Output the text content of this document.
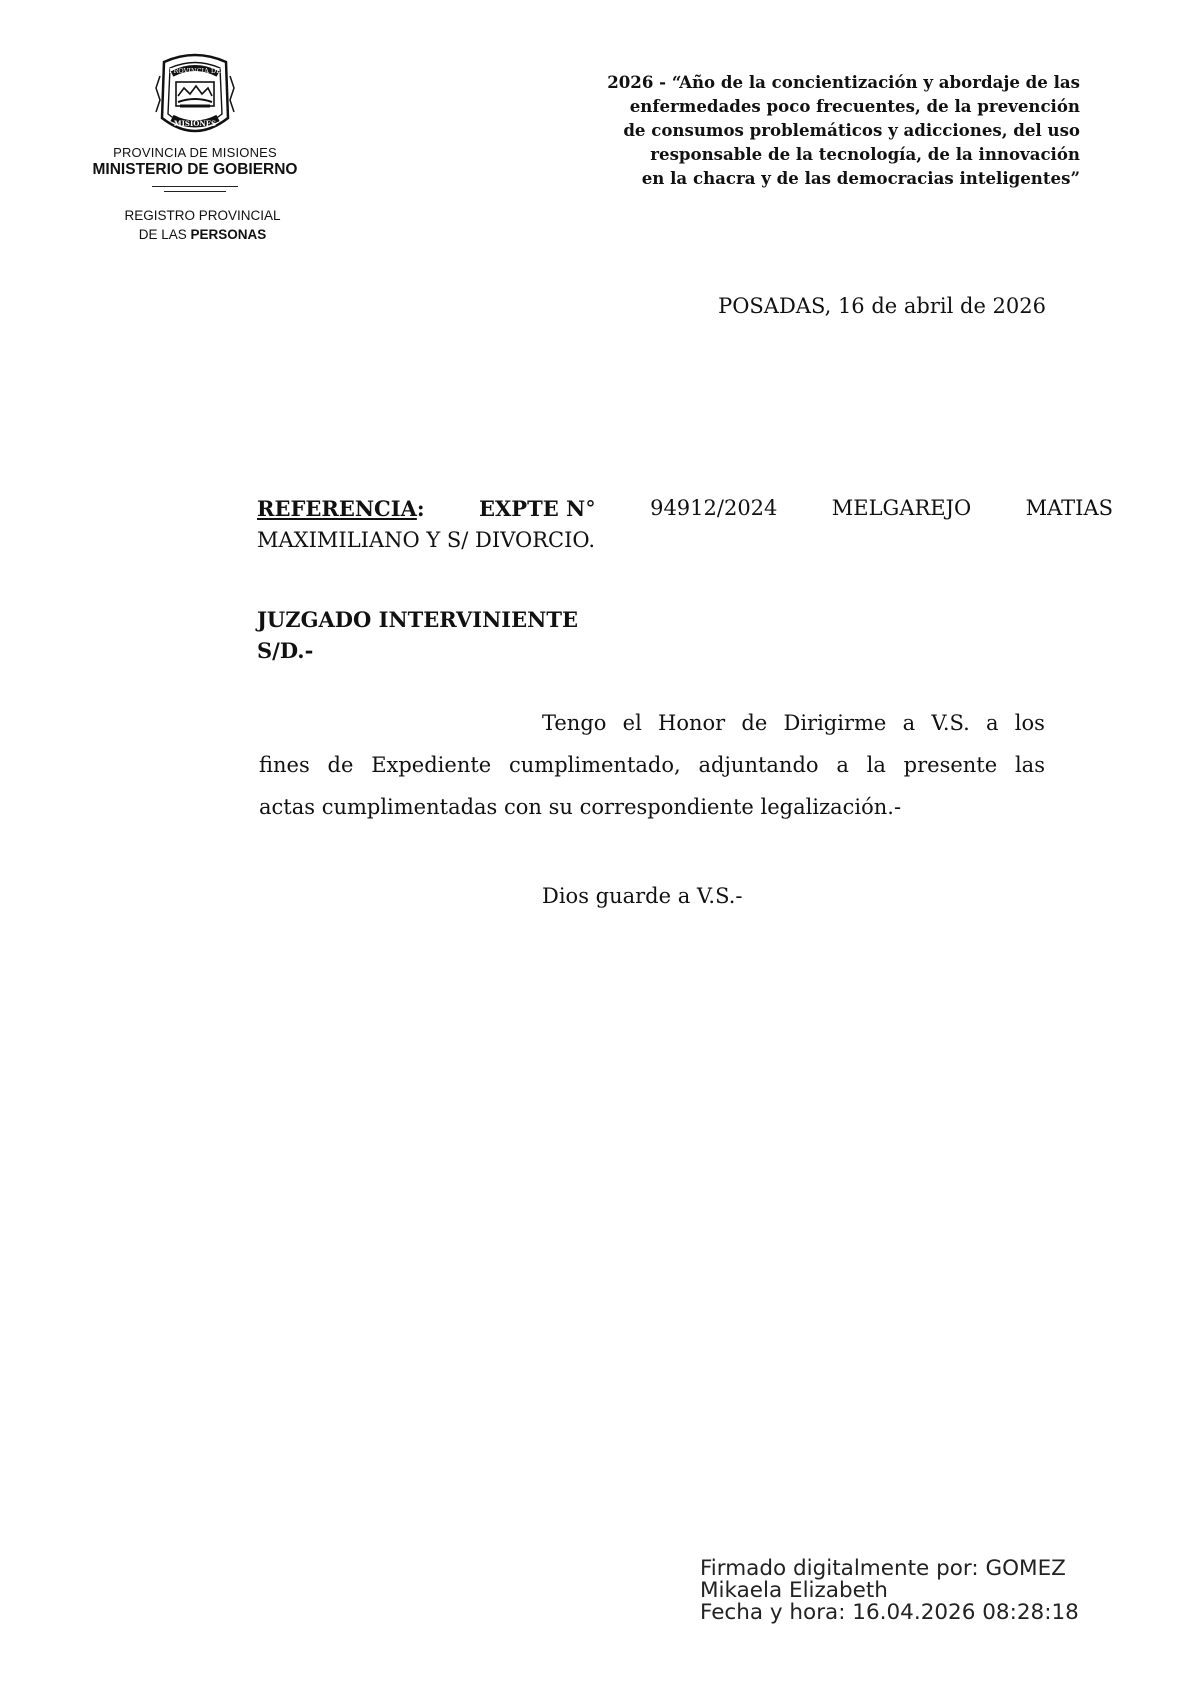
PROVINCIA DE
MISIONES
PROVINCIA DE MISIONES
MINISTERIO DE GOBIERNO
REGISTRO PROVINCIAL
DE LAS PERSONAS
2026 - “Año de la concientización y abordaje de las
enfermedades poco frecuentes, de la prevención
de consumos problemáticos y adicciones, del uso
responsable de la tecnología, de la innovación
en la chacra y de las democracias inteligentes”
POSADAS, 16 de abril de 2026
REFERENCIA:	EXPTE N°	94912/2024	MELGAREJO	MATIAS
MAXIMILIANO Y S/ DIVORCIO.
JUZGADO INTERVINIENTE
S/D.-
Tengo el Honor de Dirigirme a V.S. a los
fines de Expediente cumplimentado, adjuntando a la presente las
actas cumplimentadas con su correspondiente legalización.-
Dios guarde a V.S.-
Firmado digitalmente por: GOMEZ
Mikaela Elizabeth
Fecha y hora: 16.04.2026 08:28:18
